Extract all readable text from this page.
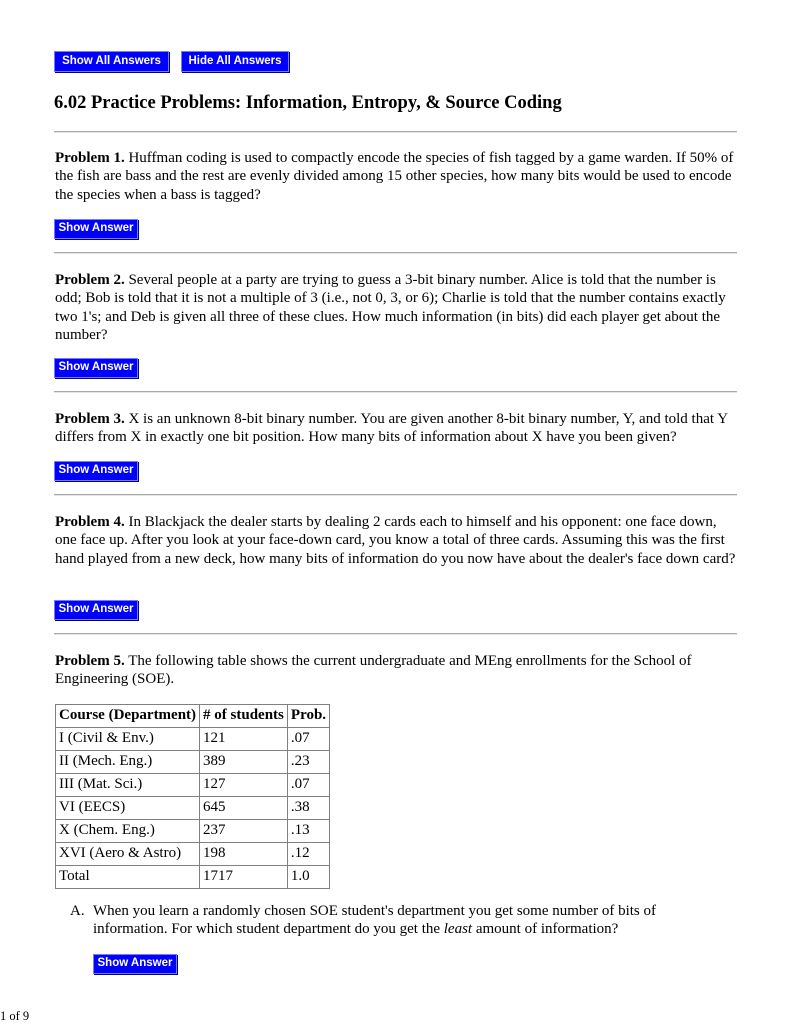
Show All Answers	Hide All Answers
6.02 Practice Problems: Information, Entropy, & Source Coding

Problem 1. Huffman coding is used to compactly encode the species of fish tagged by a game warden. If 50% of the fish are bass and the rest are evenly divided among 15 other species, how many bits would be used to encode the species when a bass is tagged?

Show Answer

Problem 2. Several people at a party are trying to guess a 3-bit binary number. Alice is told that the number is odd; Bob is told that it is not a multiple of 3 (i.e., not 0, 3, or 6); Charlie is told that the number contains exactly two 1's; and Deb is given all three of these clues. How much information (in bits) did each player get about the number?

Show Answer

Problem 3. X is an unknown 8-bit binary number. You are given another 8-bit binary number, Y, and told that Y differs from X in exactly one bit position. How many bits of information about X have you been given?

Show Answer

Problem 4. In Blackjack the dealer starts by dealing 2 cards each to himself and his opponent: one face down, one face up. After you look at your face-down card, you know a total of three cards. Assuming this was the first hand played from a new deck, how many bits of information do you now have about the dealer's face down card?

Show Answer

Problem 5. The following table shows the current undergraduate and MEng enrollments for the School of Engineering (SOE).

Course (Department)	# of students	Prob.
I (Civil & Env.)	121	.07
II (Mech. Eng.)	389	.23
III (Mat. Sci.)	127	.07
VI (EECS)	645	.38
X (Chem. Eng.)	237	.13
XVI (Aero & Astro)	198	.12
Total	1717	1.0
A. When you learn a randomly chosen SOE student's department you get some number of bits of information. For which student department do you get the least amount of information?

Show Answer
1 of 9
